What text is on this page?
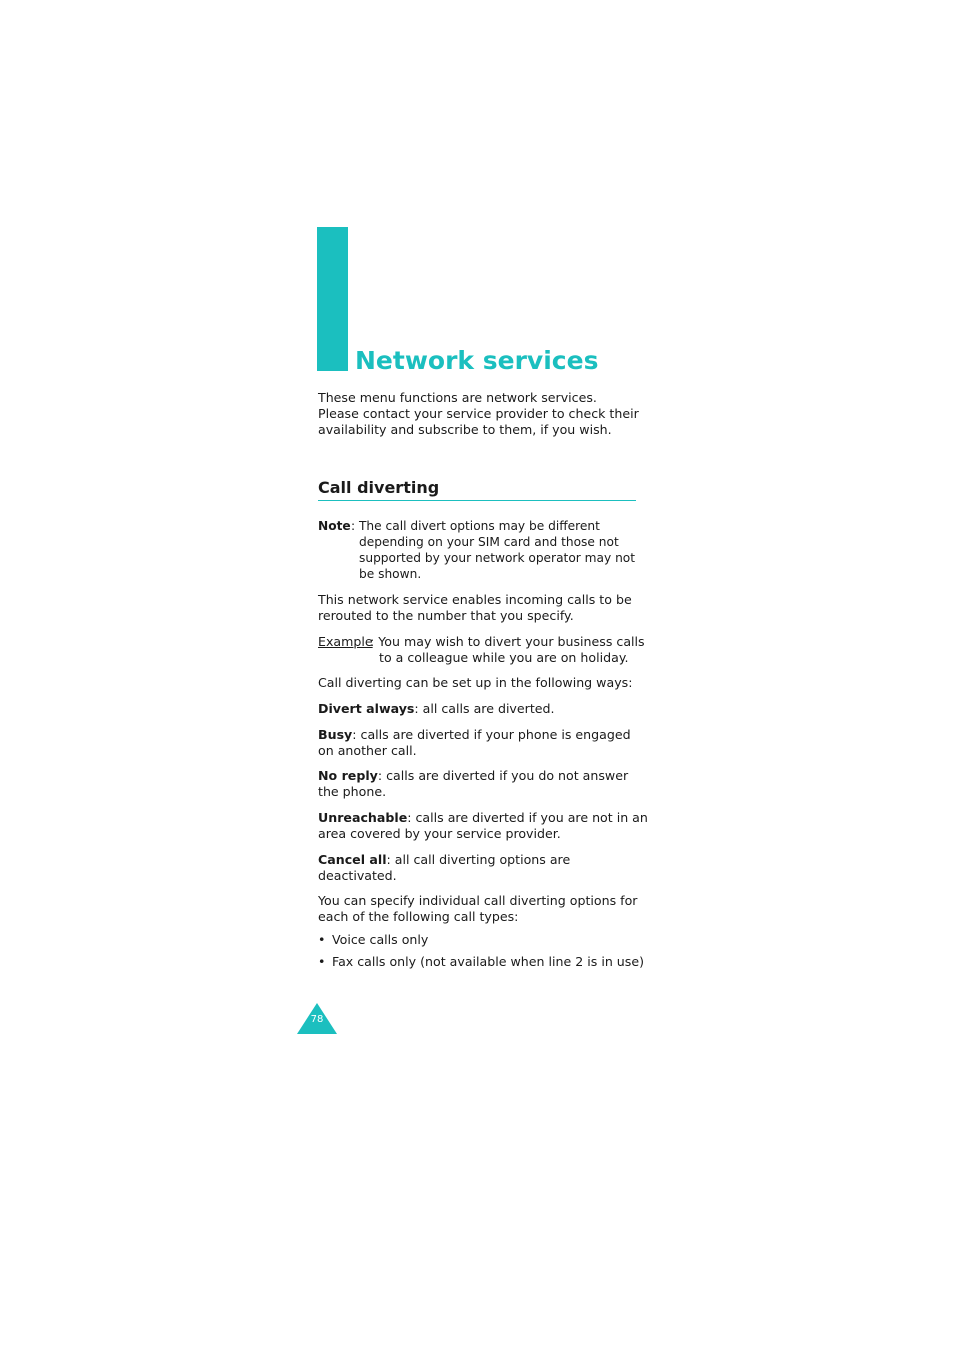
Network services
These menu functions are network services.
Please contact your service provider to check their
availability and subscribe to them, if you wish.
Call diverting
Note : The call divert options may be different
depending on your SIM card and those not
supported by your network operator may not
be shown.
This network service enables incoming calls to be
rerouted to the number that you specify.
Example
: You may wish to divert your business calls
to a colleague while you are on holiday.
Call diverting can be set up in the following ways:
Divert always: all calls are diverted.
Busy: calls are diverted if your phone is engaged
on another call.
No reply: calls are diverted if you do not answer
the phone.
Unreachable: calls are diverted if you are not in an
area covered by your service provider.
Cancel all: all call diverting options are
deactivated.
You can specify individual call diverting options for
each of the following call types:
• Voice calls only
• Fax calls only (not available when line 2 is in use)
78
